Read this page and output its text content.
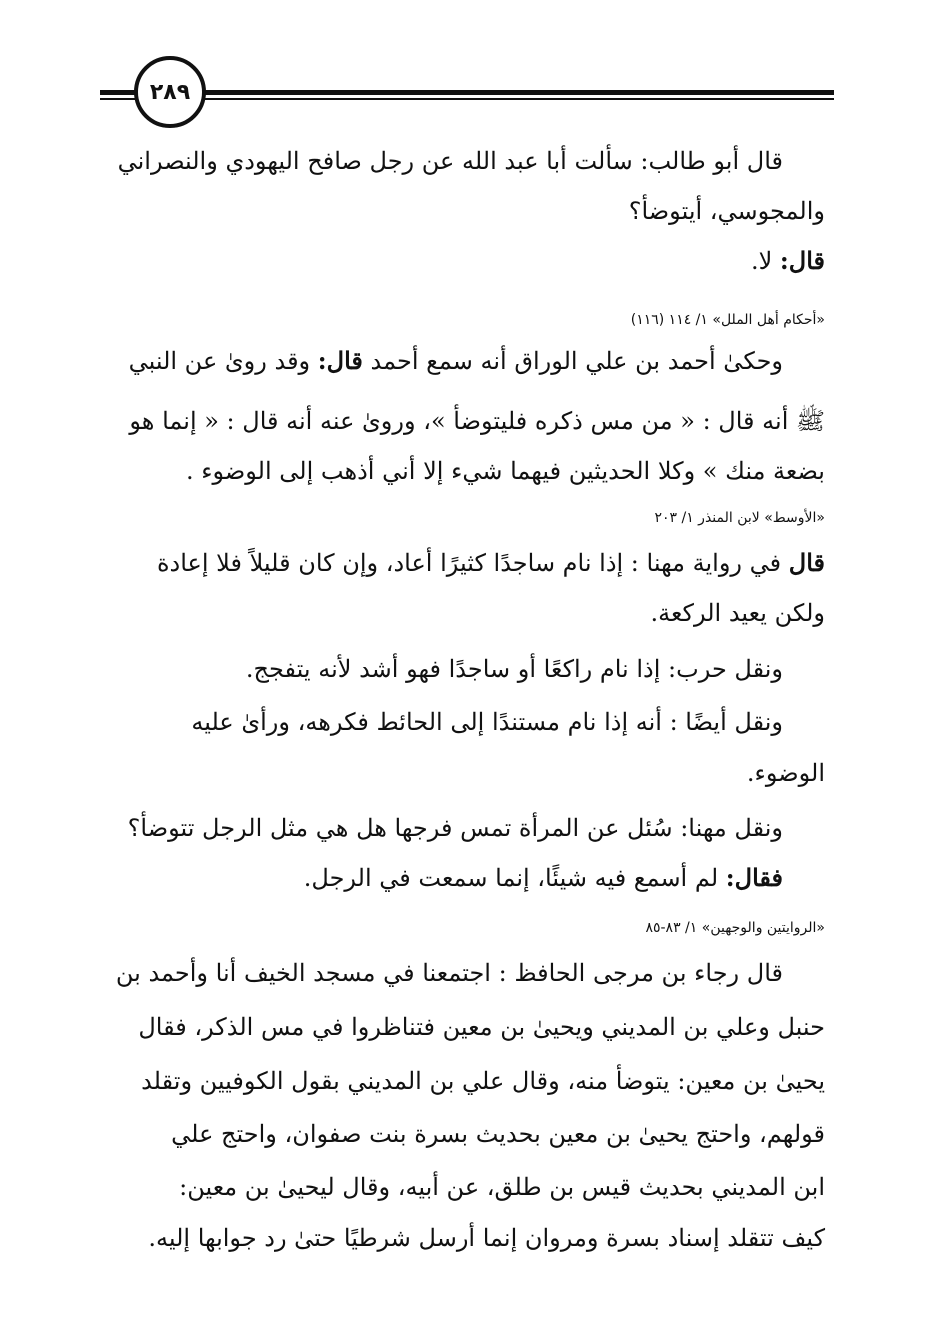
٢٨٩
قال أبو طالب: سألت أبا عبد الله عن رجل صافح اليهودي والنصراني
والمجوسي، أيتوضأ؟
قال: لا.
«أحكام أهل الملل» ١/ ١١٤ (١١٦)
وحكىٰ أحمد بن علي الوراق أنه سمع أحمد قال: وقد رویٰ عن النبي
ﷺ أنه قال : « من مس ذكره فليتوضأ »، ورویٰ عنه أنه قال : « إنما هو
بضعة منك » وكلا الحديثين فيهما شيء إلا أني أذهب إلى الوضوء .
«الأوسط» لابن المنذر ١/ ٢٠٣
قال في رواية مهنا : إذا نام ساجدًا كثيرًا أعاد، وإن كان قليلاً فلا إعادة
ولكن يعيد الركعة.
ونقل حرب: إذا نام راكعًا أو ساجدًا فهو أشد لأنه يتفجج.
ونقل أيضًا : أنه إذا نام مستندًا إلى الحائط فكرهه، ورأیٰ عليه
الوضوء.
ونقل مهنا: سُئل عن المرأة تمس فرجها هل هي مثل الرجل تتوضأ؟
فقال: لم أسمع فيه شيئًا، إنما سمعت في الرجل.
«الروايتين والوجهين» ١/ ٨٣-٨٥
قال رجاء بن مرجى الحافظ : اجتمعنا في مسجد الخيف أنا وأحمد بن
حنبل وعلي بن المديني ويحيىٰ بن معين فتناظروا في مس الذكر، فقال
يحيىٰ بن معين: يتوضأ منه، وقال علي بن المديني بقول الكوفيين وتقلد
قولهم، واحتج يحيىٰ بن معين بحديث بسرة بنت صفوان، واحتج علي
ابن المديني بحديث قيس بن طلق، عن أبيه، وقال ليحيىٰ بن معين:
كيف تتقلد إسناد بسرة ومروان إنما أرسل شرطيًا حتىٰ رد جوابها إليه.
